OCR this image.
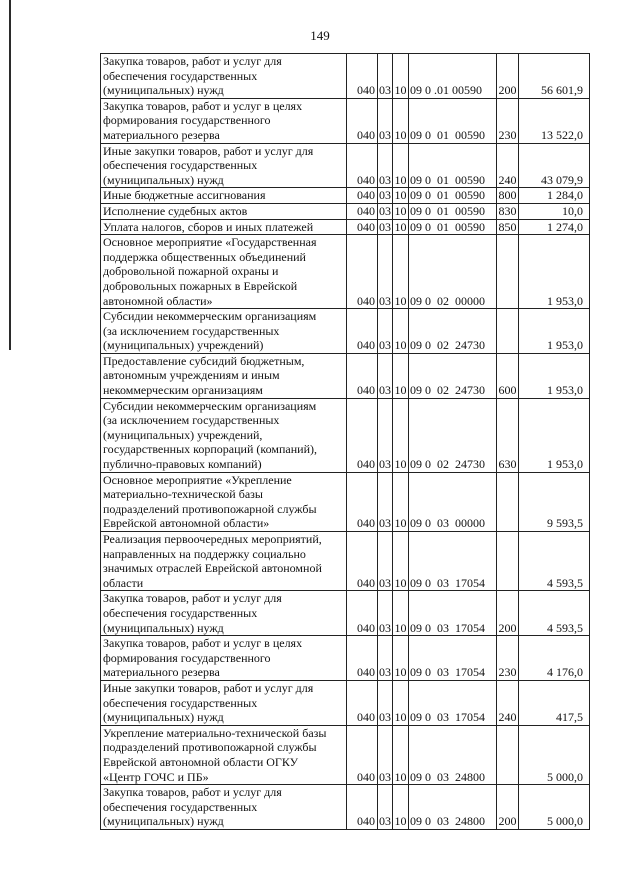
149
Закупка товаров, работ и услуг для
обеспечения государственных
(муниципальных) нужд	040	03	10	09 0 .01 00590	200	56 601,9

Закупка товаров, работ и услуг в целях
формирования государственного
материального резерва	040	03	10	09 0  01  00590	230	13 522,0

Иные закупки товаров, работ и услуг для
обеспечения государственных
(муниципальных) нужд	040	03	10	09 0  01  00590	240	43 079,9

Иные бюджетные ассигнования	040	03	10	09 0  01  00590	800	1 284,0

Исполнение судебных актов	040	03	10	09 0  01  00590	830	10,0

Уплата налогов, сборов и иных платежей	040	03	10	09 0  01  00590	850	1 274,0

Основное мероприятие «Государственная
поддержка общественных объединений
добровольной пожарной охраны и
добровольных пожарных в Еврейской
автономной области»	040	03	10	09 0  02  00000		1 953,0

Субсидии некоммерческим организациям
(за исключением государственных
(муниципальных) учреждений)	040	03	10	09 0  02  24730		1 953,0

Предоставление субсидий бюджетным,
автономным учреждениям и иным
некоммерческим организациям	040	03	10	09 0  02  24730	600	1 953,0

Субсидии некоммерческим организациям
(за исключением государственных
(муниципальных) учреждений,
государственных корпораций (компаний),
публично-правовых компаний)	040	03	10	09 0  02  24730	630	1 953,0

Основное мероприятие «Укрепление
материально-технической базы
подразделений противопожарной службы
Еврейской автономной области»	040	03	10	09 0  03  00000		9 593,5

Реализация первоочередных мероприятий,
направленных на поддержку социально
значимых отраслей Еврейской автономной
области	040	03	10	09 0  03  17054		4 593,5

Закупка товаров, работ и услуг для
обеспечения государственных
(муниципальных) нужд	040	03	10	09 0  03  17054	200	4 593,5

Закупка товаров, работ и услуг в целях
формирования государственного
материального резерва	040	03	10	09 0  03  17054	230	4 176,0

Иные закупки товаров, работ и услуг для
обеспечения государственных
(муниципальных) нужд	040	03	10	09 0  03  17054	240	417,5

Укрепление материально-технической базы
подразделений противопожарной службы
Еврейской автономной области ОГКУ
«Центр ГОЧС и ПБ»	040	03	10	09 0  03  24800		5 000,0

Закупка товаров, работ и услуг для
обеспечения государственных
(муниципальных) нужд	040	03	10	09 0  03  24800	200	5 000,0
